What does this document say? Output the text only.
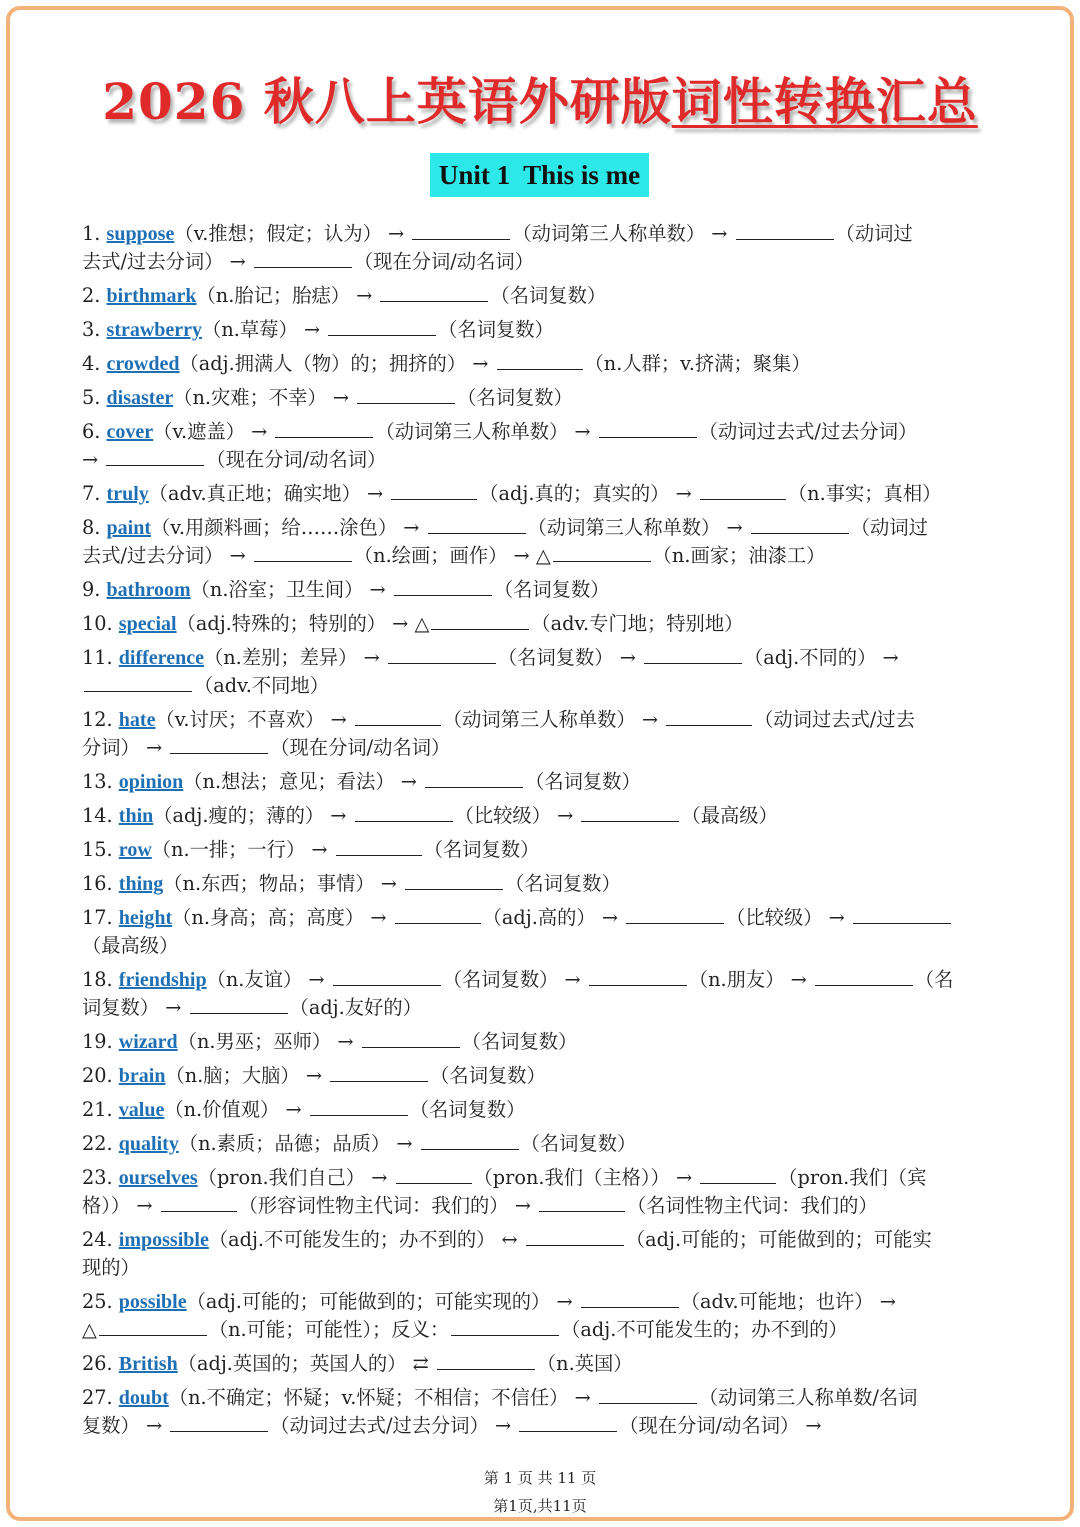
2026 秋八上英语外研版词性转换汇总
Unit 1  This is me
1. suppose（v.推想；假定；认为） →	（动词第三人称单数） →	（动词过
去式/过去分词） →	（现在分词/动名词）
2. birthmark（n.胎记；胎痣） →	（名词复数）
3. strawberry（n.草莓） →	（名词复数）
4. crowded（adj.拥满人（物）的；拥挤的） →	（n.人群；v.挤满；聚集）
5. disaster（n.灾难；不幸） →	（名词复数）
6. cover（v.遮盖） →	（动词第三人称单数） →	（动词过去式/过去分词）
→	（现在分词/动名词）
7. truly（adv.真正地；确实地） →	（adj.真的；真实的） →	（n.事实；真相）
8. paint（v.用颜料画；给……涂色） →	（动词第三人称单数） →	（动词过
去式/过去分词） →	（n.绘画；画作） → △	（n.画家；油漆工）
9. bathroom（n.浴室；卫生间） →	（名词复数）
10. special（adj.特殊的；特别的） → △	（adv.专门地；特别地）
11. difference（n.差别；差异） →	（名词复数） →	（adj.不同的） →
（adv.不同地）
12. hate（v.讨厌；不喜欢） →	（动词第三人称单数） →	（动词过去式/过去
分词） →	（现在分词/动名词）
13. opinion（n.想法；意见；看法） →	（名词复数）
14. thin（adj.瘦的；薄的） →	（比较级） →	（最高级）
15. row（n.一排；一行） →	（名词复数）
16. thing（n.东西；物品；事情） →	（名词复数）
17. height（n.身高；高；高度） →	（adj.高的） →	（比较级） →
（最高级）
18. friendship（n.友谊） →	（名词复数） →	（n.朋友） →	（名
词复数） →	（adj.友好的）
19. wizard（n.男巫；巫师） →	（名词复数）
20. brain（n.脑；大脑） →	（名词复数）
21. value（n.价值观） →	（名词复数）
22. quality（n.素质；品德；品质） →	（名词复数）
23. ourselves（pron.我们自己） →	（pron.我们（主格）） →	（pron.我们（宾
格）） →	（形容词性物主代词：我们的） →	（名词性物主代词：我们的）
24. impossible（adj.不可能发生的；办不到的） ↔	（adj.可能的；可能做到的；可能实
现的）
25. possible（adj.可能的；可能做到的；可能实现的） →	（adv.可能地；也许） →
△	（n.可能；可能性）；反义：	（adj.不可能发生的；办不到的）
26. British（adj.英国的；英国人的） ⇄	（n.英国）
27. doubt（n.不确定；怀疑；v.怀疑；不相信；不信任） →	（动词第三人称单数/名词
复数） →	（动词过去式/过去分词） →	（现在分词/动名词） →
第 1 页 共 11 页
第1页,共11页
